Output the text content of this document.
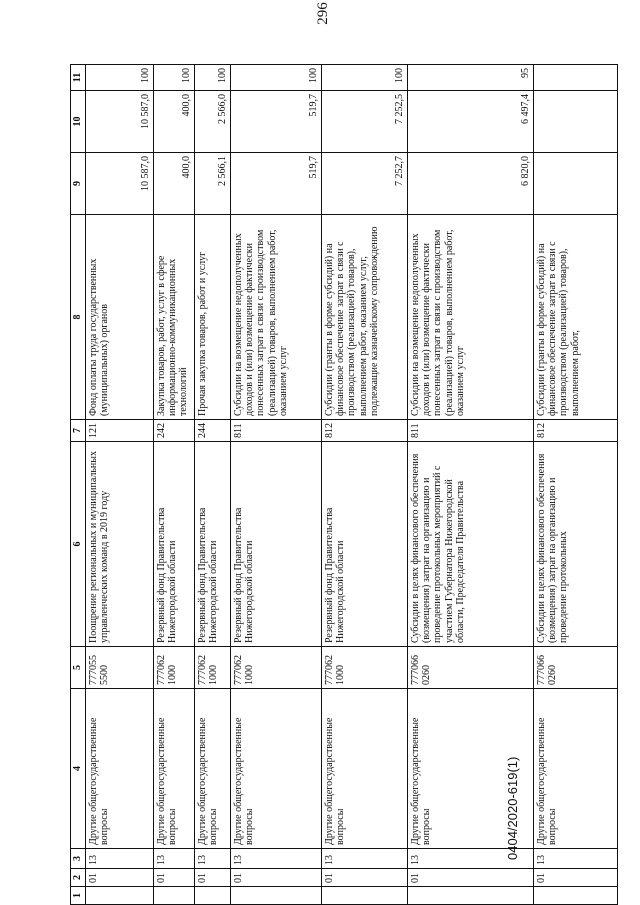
296
0404/2020-619(1)
1	2	3	4	5	6	7	8	9	10	11
	01	13	Другие общегосударственные вопросы	777055 5500	Поощрение региональных и муниципальных управленческих команд в 2019 году	121	Фонд оплаты труда государственных (муниципальных) органов	10 587,0	10 587,0	100
	01	13	Другие общегосударственные вопросы	777062 1000	Резервный фонд Правительства Нижегородской области	242	Закупка товаров, работ, услуг в сфере информационно-коммуникационных технологий	400,0	400,0	100
	01	13	Другие общегосударственные вопросы	777062 1000	Резервный фонд Правительства Нижегородской области	244	Прочая закупка товаров, работ и услуг	2 566,1	2 566,0	100
	01	13	Другие общегосударственные вопросы	777062 1000	Резервный фонд Правительства Нижегородской области	811	Субсидии на возмещение недополученных доходов и (или) возмещение фактически понесенных затрат в связи с производством (реализацией) товаров, выполнением работ, оказанием услуг	519,7	519,7	100
	01	13	Другие общегосударственные вопросы	777062 1000	Резервный фонд Правительства Нижегородской области	812	Субсидии (гранты в форме субсидий) на финансовое обеспечение затрат в связи с производством (реализацией) товаров), выполнением работ, оказанием услуг, подлежащие казначейскому сопровождению	7 252,7	7 252,5	100
	01	13	Другие общегосударственные вопросы	777066 0260	Субсидии в целях финансового обеспечения (возмещения) затрат на организацию и проведение протокольных мероприятий с участием Губернатора Нижегородской области, Председателя Правительства	811	Субсидии на возмещение недополученных доходов и (или) возмещение фактически понесенных затрат в связи с производством (реализацией) товаров, выполнением работ, оказанием услуг	6 820,0	6 497,4	95
	01	13	Другие общегосударственные вопросы	777066 0260	Субсидии в целях финансового обеспечения (возмещения) затрат на организацию и проведение протокольных	812	Субсидии (гранты в форме субсидий) на финансовое обеспечение затрат в связи с производством (реализацией) товаров), выполнением работ,			
